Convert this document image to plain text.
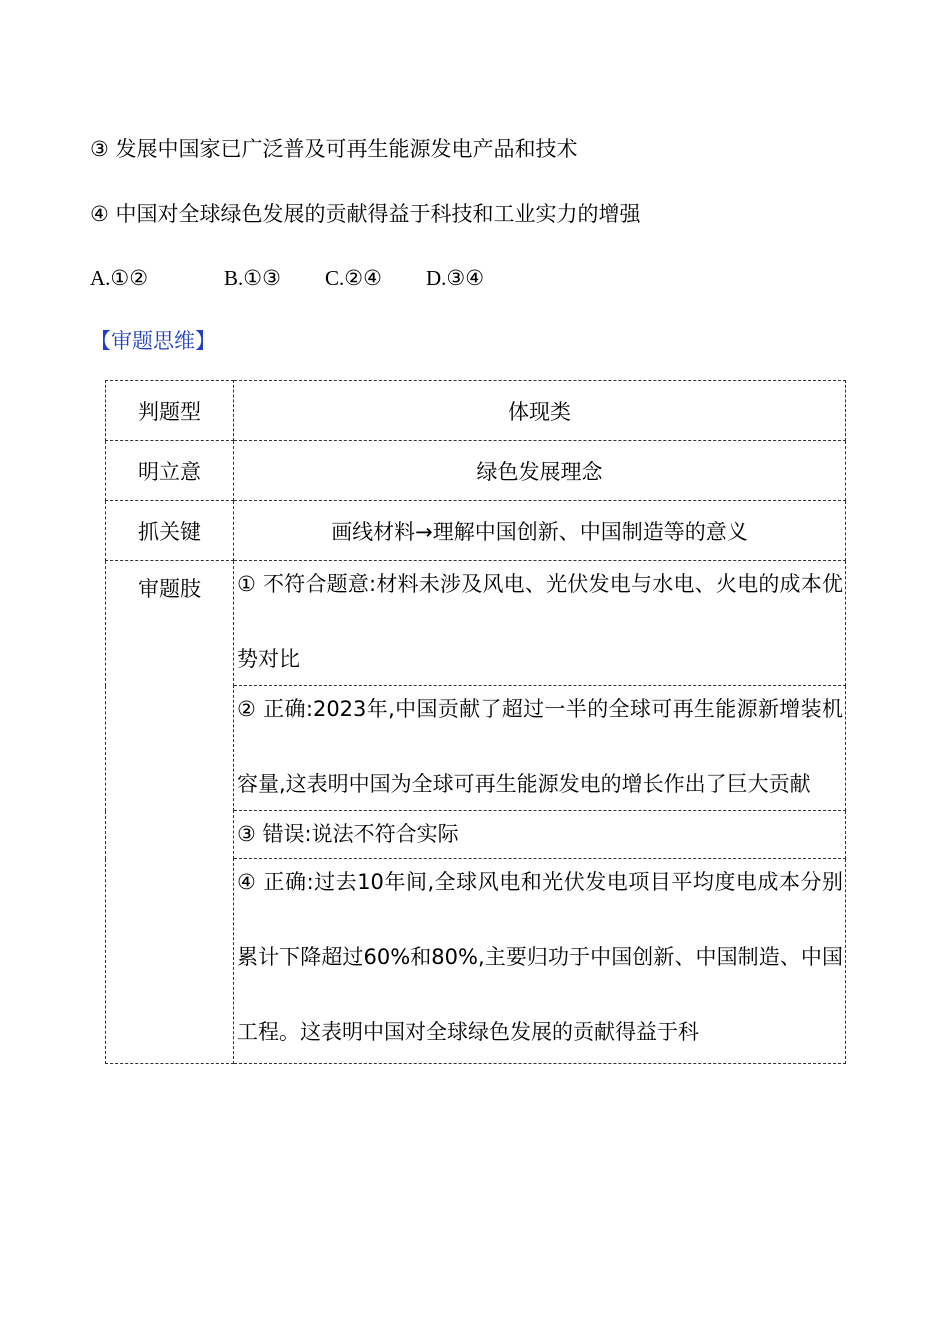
③ 发展中国家已广泛普及可再生能源发电产品和技术
④ 中国对全球绿色发展的贡献得益于科技和工业实力的增强
A.①②	B.①③ C.②④ D.③④
【审题思维】
判题型	体现类
明立意	绿色发展理念
抓关键	画线材料→理解中国创新、中国制造等的意义
审题肢	① 不符合题意:材料未涉及风电、光伏发电与水电、火电的成本优势对比

	② 正确:2023年,中国贡献了超过一半的全球可再生能源新增装机容量,这表明中国为全球可再生能源发电的增长作出了巨大贡献

	③ 错误:说法不符合实际

	④ 正确:过去10年间,全球风电和光伏发电项目平均度电成本分别累计下降超过60%和80%,主要归功于中国创新、中国制造、中国工程。这表明中国对全球绿色发展的贡献得益于科
